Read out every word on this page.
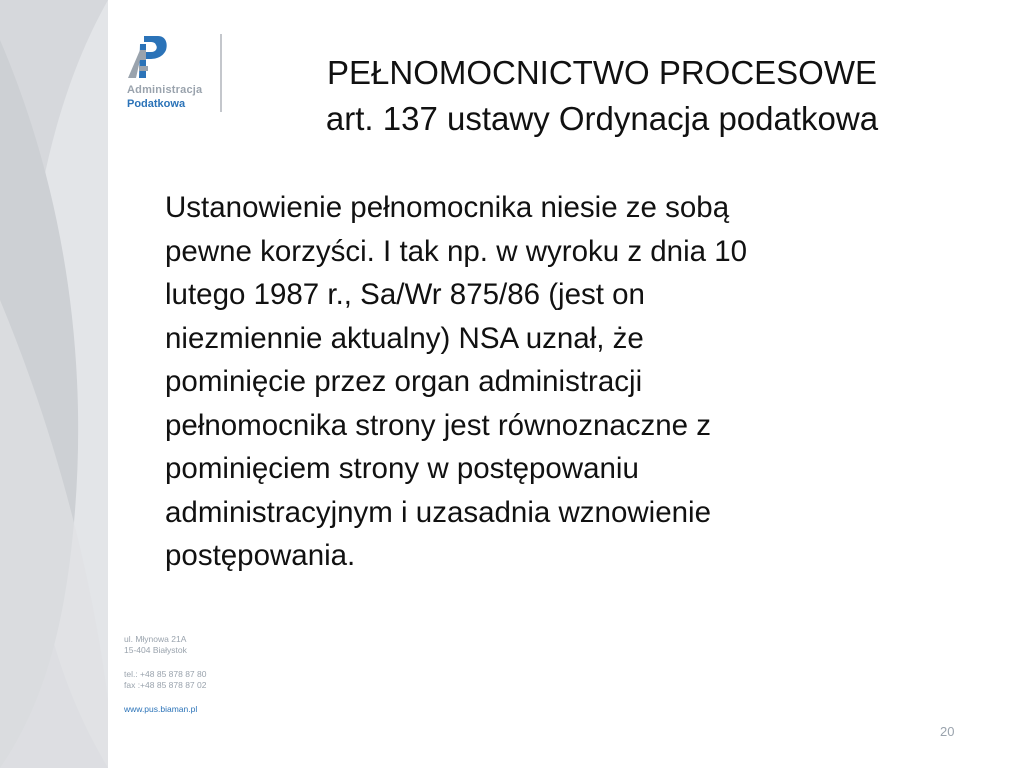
Administracja
Podatkowa
PEŁNOMOCNICTWO PROCESOWE
art. 137 ustawy Ordynacja podatkowa
Ustanowienie pełnomocnika niesie ze sobą
pewne korzyści. I tak np. w wyroku z dnia 10
lutego 1987 r., Sa/Wr 875/86 (jest on
niezmiennie aktualny) NSA uznał, że
pominięcie przez organ administracji
pełnomocnika strony jest równoznaczne z
pominięciem strony w postępowaniu
administracyjnym i uzasadnia wznowienie
postępowania.
ul. Młynowa 21A
15-404 Białystok
tel.: +48 85 878 87 80
fax :+48 85 878 87 02
www.pus.biaman.pl
20
